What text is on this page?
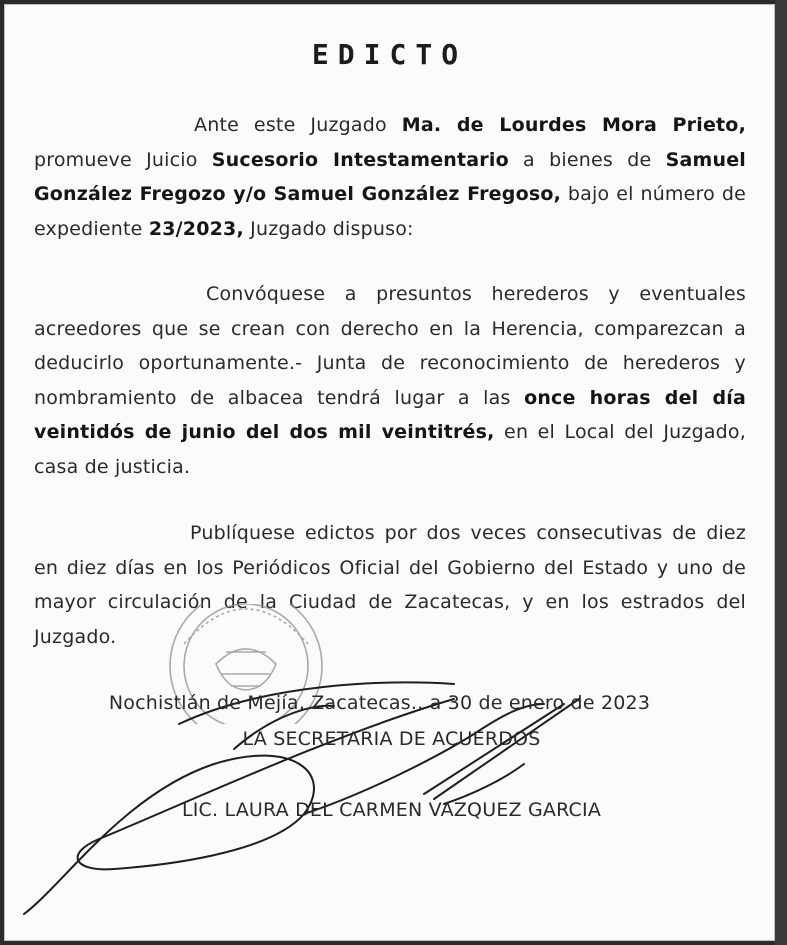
EDICTO
Ante este Juzgado Ma. de Lourdes Mora Prieto, promueve Juicio Sucesorio Intestamentario a bienes de Samuel González Fregozo y/o Samuel González Fregoso, bajo el número de expediente 23/2023, Juzgado dispuso:
Convóquese a presuntos herederos y eventuales acreedores que se crean con derecho en la Herencia, comparezcan a deducirlo oportunamente.- Junta de reconocimiento de herederos y nombramiento de albacea tendrá lugar a las once horas del día veintidós de junio del dos mil veintitrés, en el Local del Juzgado, casa de justicia.
Publíquese edictos por dos veces consecutivas de diez en diez días en los Periódicos Oficial del Gobierno del Estado y uno de mayor circulación de la Ciudad de Zacatecas, y en los estrados del Juzgado.
Nochistlán de Mejía, Zacatecas., a 30 de enero de 2023
LA SECRETARIA DE ACUERDOS
LIC. LAURA DEL CARMEN VAZQUEZ GARCIA
